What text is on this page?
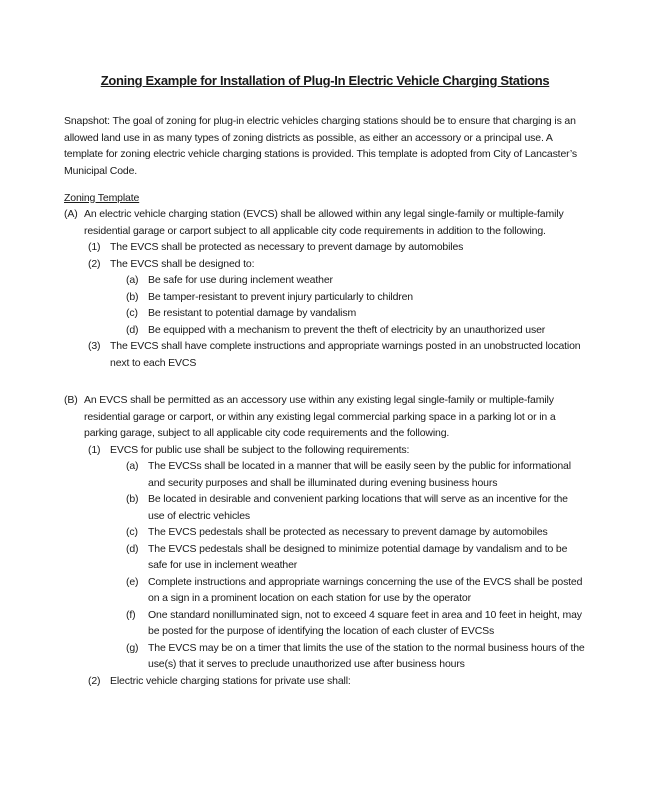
Zoning Example for Installation of Plug-In Electric Vehicle Charging Stations

Snapshot: The goal of zoning for plug-in electric vehicles charging stations should be to ensure that charging is an allowed land use in as many types of zoning districts as possible, as either an accessory or a principal use. A template for zoning electric vehicle charging stations is provided. This template is adopted from City of Lancaster’s Municipal Code.

Zoning Template
(A) An electric vehicle charging station (EVCS) shall be allowed within any legal single-family or multiple-family residential garage or carport subject to all applicable city code requirements in addition to the following.
(1) The EVCS shall be protected as necessary to prevent damage by automobiles
(2) The EVCS shall be designed to:
(a) Be safe for use during inclement weather
(b) Be tamper-resistant to prevent injury particularly to children
(c) Be resistant to potential damage by vandalism
(d) Be equipped with a mechanism to prevent the theft of electricity by an unauthorized user
(3) The EVCS shall have complete instructions and appropriate warnings posted in an unobstructed location next to each EVCS
(B) An EVCS shall be permitted as an accessory use within any existing legal single-family or multiple-family residential garage or carport, or within any existing legal commercial parking space in a parking lot or in a parking garage, subject to all applicable city code requirements and the following.
(1) EVCS for public use shall be subject to the following requirements:
(a) The EVCSs shall be located in a manner that will be easily seen by the public for informational and security purposes and shall be illuminated during evening business hours
(b) Be located in desirable and convenient parking locations that will serve as an incentive for the use of electric vehicles
(c) The EVCS pedestals shall be protected as necessary to prevent damage by automobiles
(d) The EVCS pedestals shall be designed to minimize potential damage by vandalism and to be safe for use in inclement weather
(e) Complete instructions and appropriate warnings concerning the use of the EVCS shall be posted on a sign in a prominent location on each station for use by the operator
(f) One standard nonilluminated sign, not to exceed 4 square feet in area and 10 feet in height, may be posted for the purpose of identifying the location of each cluster of EVCSs
(g) The EVCS may be on a timer that limits the use of the station to the normal business hours of the use(s) that it serves to preclude unauthorized use after business hours
(2) Electric vehicle charging stations for private use shall:
